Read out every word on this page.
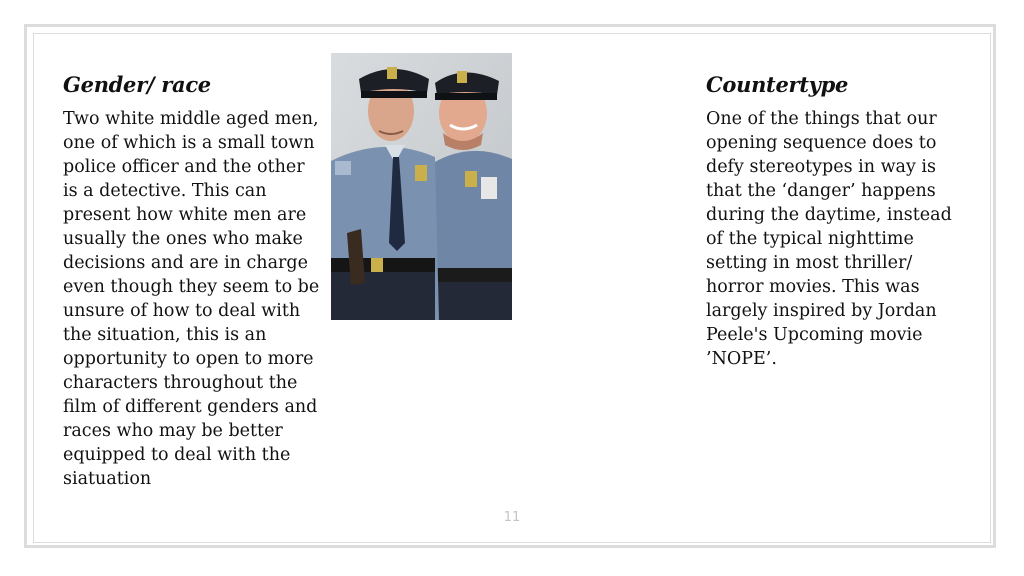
Gender/ race

Two white middle aged men,
one of which is a small town
police officer and the other
is a detective. This can
present how white men are
usually the ones who make
decisions and are in charge
even though they seem to be
unsure of how to deal with
the situation, this is an
opportunity to open to more
characters throughout the
film of different genders and
races who may be better
equipped to deal with the
siatuation

Countertype

One of the things that our
opening sequence does to
defy stereotypes in way is
that the ‘danger’ happens
during the daytime, instead
of the typical nighttime
setting in most thriller/
horror movies. This was
largely inspired by Jordan
Peele's Upcoming movie
’NOPE’.

11
